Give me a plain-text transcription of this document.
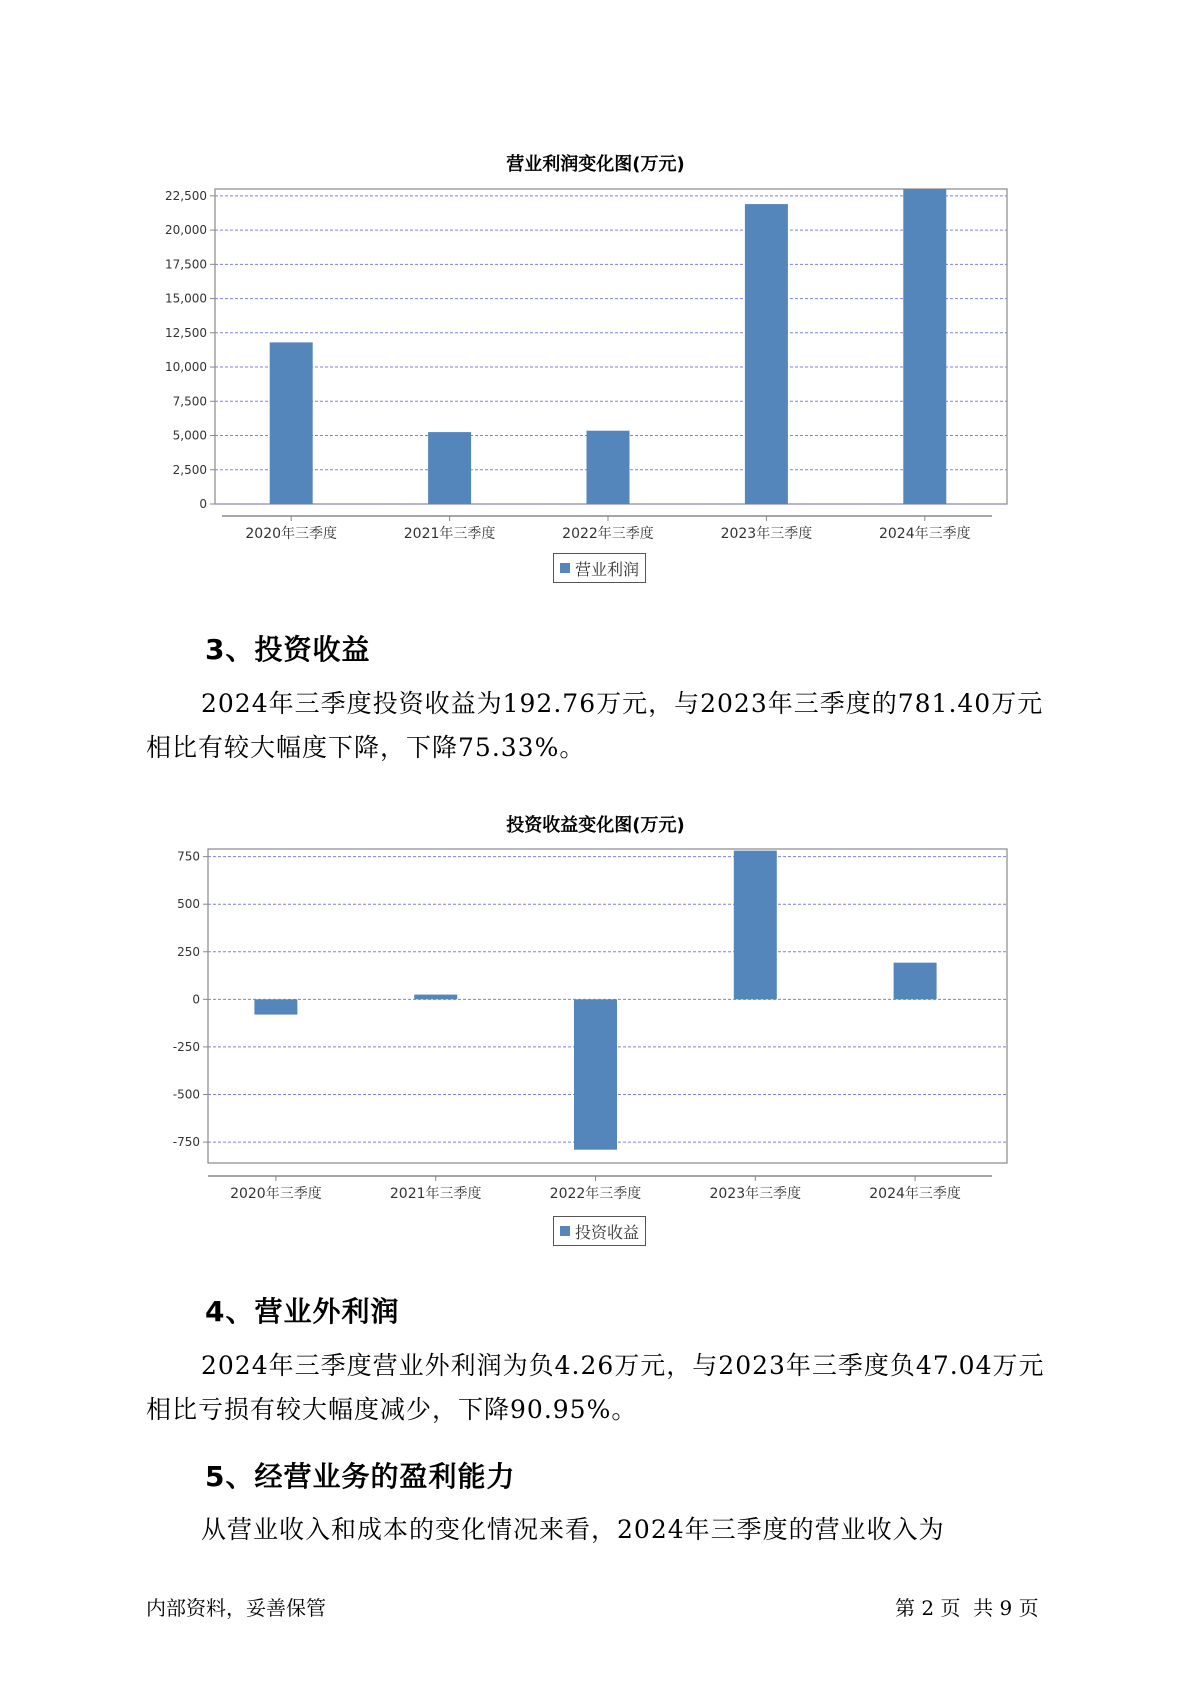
营业利润变化图(万元)
0
2,500
5,000
7,500
10,000
12,500
15,000
17,500
20,000
22,500
2020年三季度	2021年三季度	2022年三季度	2023年三季度	2024年三季度
营业利润
3、投资收益
2024年三季度投资收益为192.76万元，与2023年三季度的781.40万元
相比有较大幅度下降，下降75.33%。
投资收益变化图(万元)
-750
-500
-250
0
250
500
750
2020年三季度	2021年三季度	2022年三季度	2023年三季度	2024年三季度
投资收益
4、营业外利润
2024年三季度营业外利润为负4.26万元，与2023年三季度负47.04万元
相比亏损有较大幅度减少，下降90.95%。
5、经营业务的盈利能力
从营业收入和成本的变化情况来看，2024年三季度的营业收入为
内部资料，妥善保管	第 2 页  共 9 页
